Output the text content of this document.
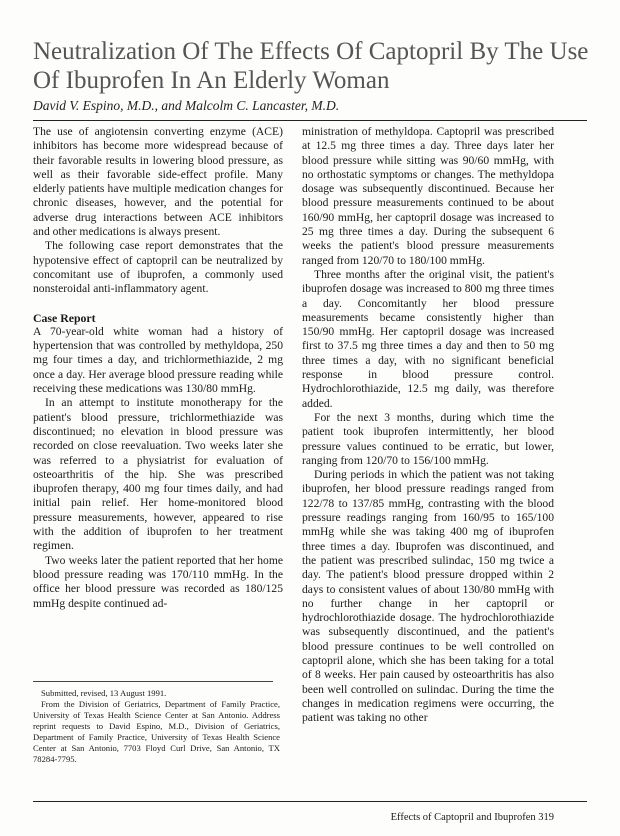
Neutralization Of The Effects Of Captopril By The Use Of Ibuprofen In An Elderly Woman
David V. Espino, M.D., and Malcolm C. Lancaster, M.D.

The use of angiotensin converting enzyme (ACE) inhibitors has become more widespread because of their favorable results in lowering blood pressure, as well as their favorable side-effect profile. Many elderly patients have multiple medication changes for chronic diseases, however, and the potential for adverse drug interactions between ACE inhibitors and other medications is always present.

The following case report demonstrates that the hypotensive effect of captopril can be neutralized by concomitant use of ibuprofen, a commonly used nonsteroidal anti-inflammatory agent.

Case Report

A 70-year-old white woman had a history of hypertension that was controlled by methyldopa, 250 mg four times a day, and trichlormethiazide, 2 mg once a day. Her average blood pressure reading while receiving these medications was 130/80 mmHg.

In an attempt to institute monotherapy for the patient's blood pressure, trichlormethiazide was discontinued; no elevation in blood pressure was recorded on close reevaluation. Two weeks later she was referred to a physiatrist for evaluation of osteoarthritis of the hip. She was prescribed ibuprofen therapy, 400 mg four times daily, and had initial pain relief. Her home-monitored blood pressure measurements, however, appeared to rise with the addition of ibuprofen to her treatment regimen.

Two weeks later the patient reported that her home blood pressure reading was 170/110 mmHg. In the office her blood pressure was recorded as 180/125 mmHg despite continued ad-

ministration of methyldopa. Captopril was prescribed at 12.5 mg three times a day. Three days later her blood pressure while sitting was 90/60 mmHg, with no orthostatic symptoms or changes. The methyldopa dosage was subsequently discontinued. Because her blood pressure measurements continued to be about 160/90 mmHg, her captopril dosage was increased to 25 mg three times a day. During the subsequent 6 weeks the patient's blood pressure measurements ranged from 120/70 to 180/100 mmHg.

Three months after the original visit, the patient's ibuprofen dosage was increased to 800 mg three times a day. Concomitantly her blood pressure measurements became consistently higher than 150/90 mmHg. Her captopril dosage was increased first to 37.5 mg three times a day and then to 50 mg three times a day, with no significant beneficial response in blood pressure control. Hydrochlorothiazide, 12.5 mg daily, was therefore added.

For the next 3 months, during which time the patient took ibuprofen intermittently, her blood pressure values continued to be erratic, but lower, ranging from 120/70 to 156/100 mmHg.

During periods in which the patient was not taking ibuprofen, her blood pressure readings ranged from 122/78 to 137/85 mmHg, contrasting with the blood pressure readings ranging from 160/95 to 165/100 mmHg while she was taking 400 mg of ibuprofen three times a day. Ibuprofen was discontinued, and the patient was prescribed sulindac, 150 mg twice a day. The patient's blood pressure dropped within 2 days to consistent values of about 130/80 mmHg with no further change in her captopril or hydrochlorothiazide dosage. The hydrochlorothiazide was subsequently discontinued, and the patient's blood pressure continues to be well controlled on captopril alone, which she has been taking for a total of 8 weeks. Her pain caused by osteoarthritis has also been well controlled on sulindac. During the time the changes in medication regimens were occurring, the patient was taking no other

Submitted, revised, 13 August 1991.

From the Division of Geriatrics, Department of Family Practice, University of Texas Health Science Center at San Antonio. Address reprint requests to David Espino, M.D., Division of Geriatrics, Department of Family Practice, University of Texas Health Science Center at San Antonio, 7703 Floyd Curl Drive, San Antonio, TX 78284-7795.

Effects of Captopril and Ibuprofen 319
